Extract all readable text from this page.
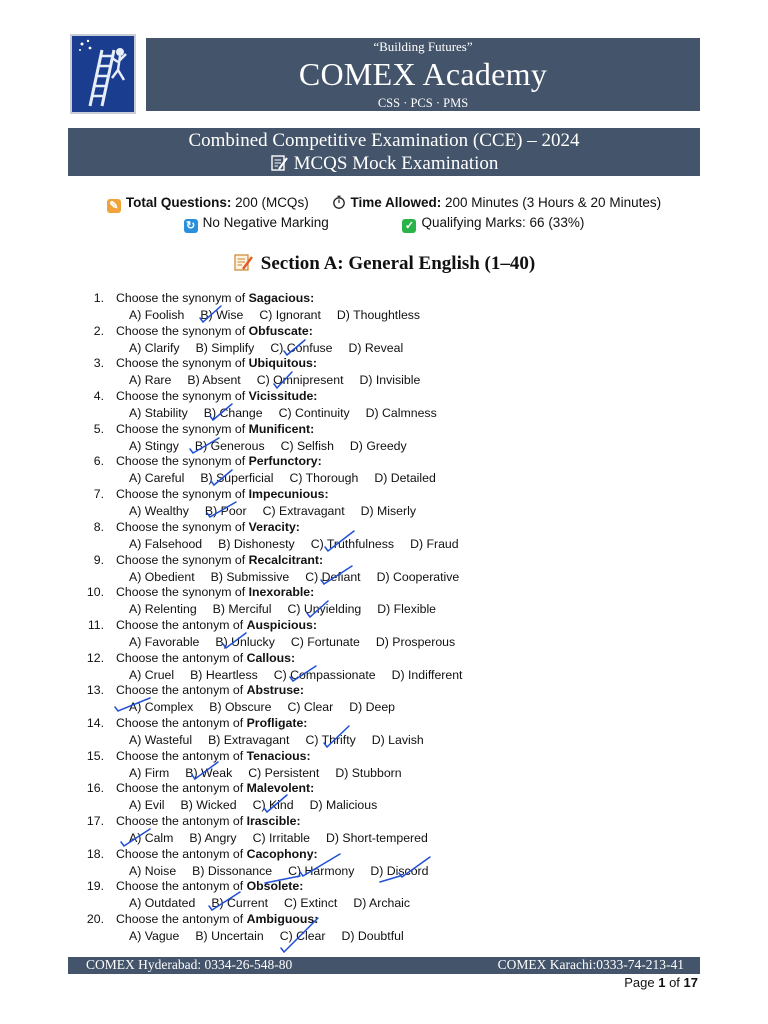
“Building Futures”
COMEX Academy
CSS · PCS · PMS
Combined Competitive Examination (CCE) – 2024
MCQS Mock Examination
✎ Total Questions: 200 (MCQs)	Time Allowed: 200 Minutes (3 Hours & 20 Minutes)
↻ No Negative Marking	✓ Qualifying Marks: 66 (33%)
Section A: General English (1–40)
1. Choose the synonym of Sagacious:
A) Foolish B) Wise C) Ignorant D) Thoughtless
2. Choose the synonym of Obfuscate:
A) Clarify B) Simplify C) Confuse D) Reveal
3. Choose the synonym of Ubiquitous:
A) Rare B) Absent C) Omnipresent D) Invisible
4. Choose the synonym of Vicissitude:
A) Stability B) Change C) Continuity D) Calmness
5. Choose the synonym of Munificent:
A) Stingy B) Generous C) Selfish D) Greedy
6. Choose the synonym of Perfunctory:
A) Careful B) Superficial C) Thorough D) Detailed
7. Choose the synonym of Impecunious:
A) Wealthy B) Poor C) Extravagant D) Miserly
8. Choose the synonym of Veracity:
A) Falsehood B) Dishonesty C) Truthfulness D) Fraud
9. Choose the synonym of Recalcitrant:
A) Obedient B) Submissive C) Defiant D) Cooperative
10. Choose the synonym of Inexorable:
A) Relenting B) Merciful C) Unyielding D) Flexible
11. Choose the antonym of Auspicious:
A) Favorable B) Unlucky C) Fortunate D) Prosperous
12. Choose the antonym of Callous:
A) Cruel B) Heartless C) Compassionate D) Indifferent
13. Choose the antonym of Abstruse:
A) Complex B) Obscure C) Clear D) Deep
14. Choose the antonym of Profligate:
A) Wasteful B) Extravagant C) Thrifty D) Lavish
15. Choose the antonym of Tenacious:
A) Firm B) Weak C) Persistent D) Stubborn
16. Choose the antonym of Malevolent:
A) Evil B) Wicked C) Kind D) Malicious
17. Choose the antonym of Irascible:
A) Calm B) Angry C) Irritable D) Short-tempered
18. Choose the antonym of Cacophony:
A) Noise B) Dissonance C) Harmony D) Discord
19. Choose the antonym of Obsolete:
A) Outdated B) Current C) Extinct D) Archaic
20. Choose the antonym of Ambiguous:
A) Vague B) Uncertain C) Clear D) Doubtful
COMEX Hyderabad: 0334-26-548-80	COMEX Karachi:0333-74-213-41
Page 1 of 17
